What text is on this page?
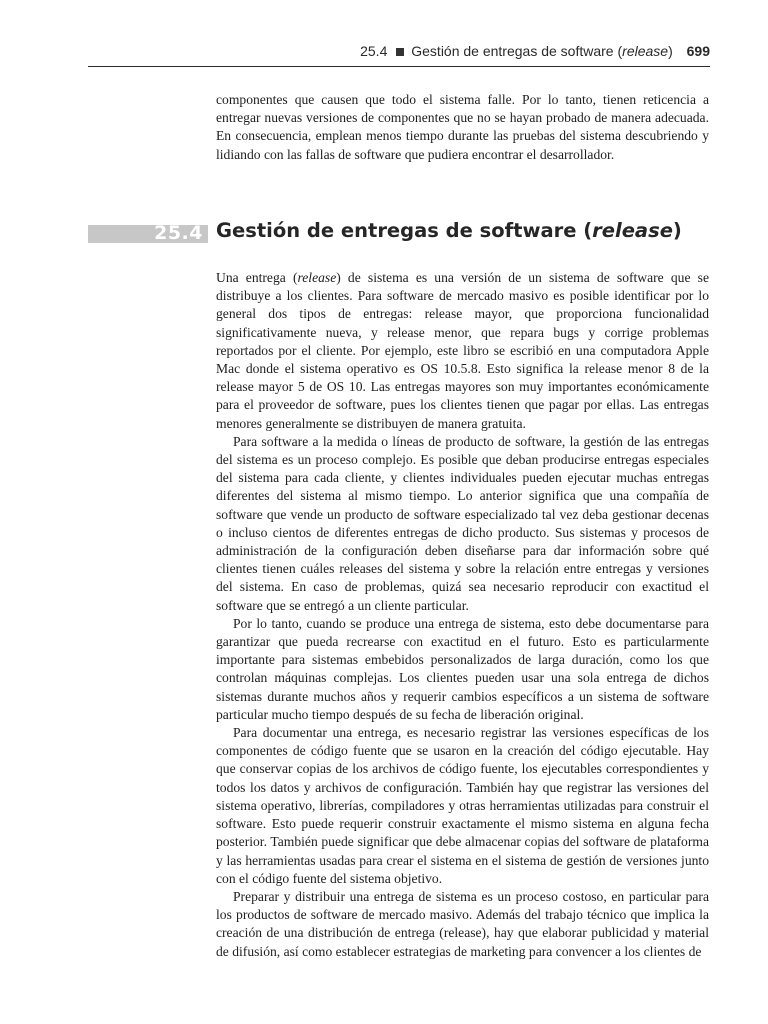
25.4 Gestión de entregas de software (release) 699

componentes que causen que todo el sistema falle. Por lo tanto, tienen reticencia a entregar nuevas versiones de componentes que no se hayan probado de manera adecuada. En consecuencia, emplean menos tiempo durante las pruebas del sistema descubriendo y lidiando con las fallas de software que pudiera encontrar el desarrollador.

25.4 Gestión de entregas de software (release)

Una entrega (release) de sistema es una versión de un sistema de software que se distribuye a los clientes. Para software de mercado masivo es posible identificar por lo general dos tipos de entregas: release mayor, que proporciona funcionalidad significativamente nueva, y release menor, que repara bugs y corrige problemas reportados por el cliente. Por ejemplo, este libro se escribió en una computadora Apple Mac donde el sistema operativo es OS 10.5.8. Esto significa la release menor 8 de la release mayor 5 de OS 10. Las entregas mayores son muy importantes económicamente para el proveedor de software, pues los clientes tienen que pagar por ellas. Las entregas menores generalmente se distribuyen de manera gratuita.

Para software a la medida o líneas de producto de software, la gestión de las entregas del sistema es un proceso complejo. Es posible que deban producirse entregas especiales del sistema para cada cliente, y clientes individuales pueden ejecutar muchas entregas diferentes del sistema al mismo tiempo. Lo anterior significa que una compañía de software que vende un producto de software especializado tal vez deba gestionar decenas o incluso cientos de diferentes entregas de dicho producto. Sus sistemas y procesos de administración de la configuración deben diseñarse para dar información sobre qué clientes tienen cuáles releases del sistema y sobre la relación entre entregas y versiones del sistema. En caso de problemas, quizá sea necesario reproducir con exactitud el software que se entregó a un cliente particular.

Por lo tanto, cuando se produce una entrega de sistema, esto debe documentarse para garantizar que pueda recrearse con exactitud en el futuro. Esto es particularmente importante para sistemas embebidos personalizados de larga duración, como los que controlan máquinas complejas. Los clientes pueden usar una sola entrega de dichos sistemas durante muchos años y requerir cambios específicos a un sistema de software particular mucho tiempo después de su fecha de liberación original.

Para documentar una entrega, es necesario registrar las versiones específicas de los componentes de código fuente que se usaron en la creación del código ejecutable. Hay que conservar copias de los archivos de código fuente, los ejecutables correspondientes y todos los datos y archivos de configuración. También hay que registrar las versiones del sistema operativo, librerías, compiladores y otras herramientas utilizadas para construir el software. Esto puede requerir construir exactamente el mismo sistema en alguna fecha posterior. También puede significar que debe almacenar copias del software de plataforma y las herramientas usadas para crear el sistema en el sistema de gestión de versiones junto con el código fuente del sistema objetivo.

Preparar y distribuir una entrega de sistema es un proceso costoso, en particular para los productos de software de mercado masivo. Además del trabajo técnico que implica la creación de una distribución de entrega (release), hay que elaborar publicidad y material de difusión, así como establecer estrategias de marketing para convencer a los clientes de
